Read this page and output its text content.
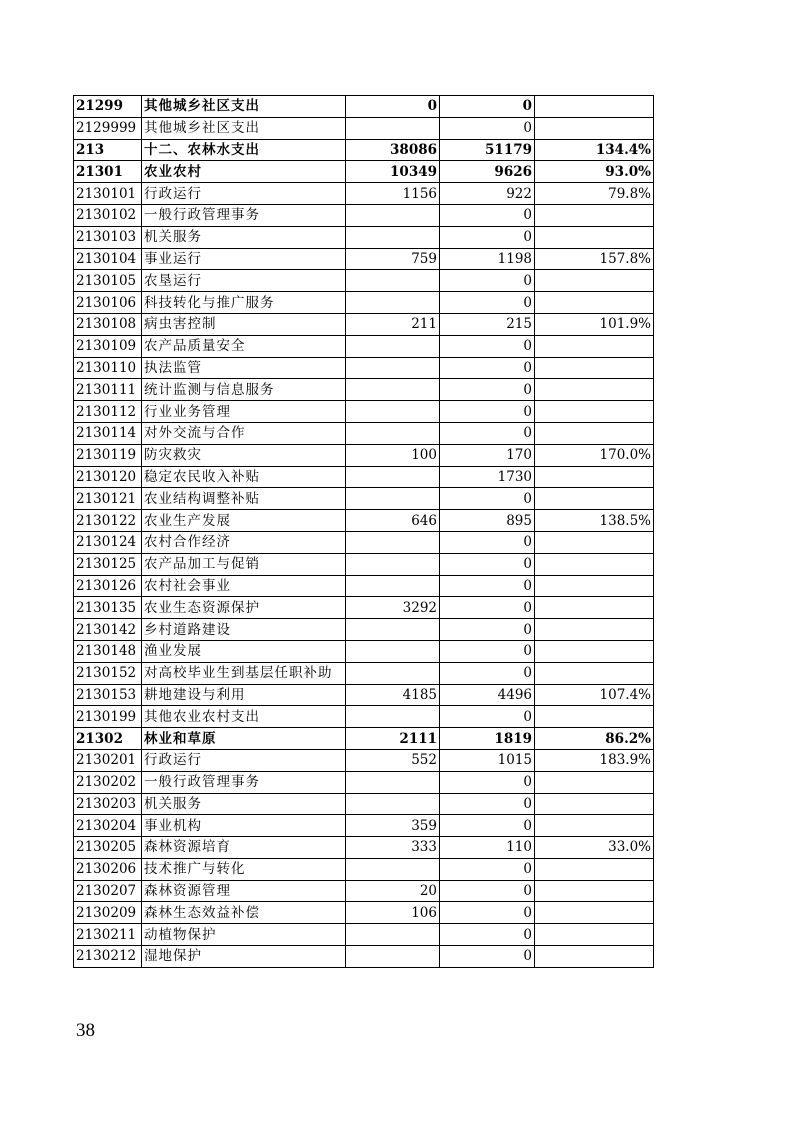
21299	其他城乡社区支出	0	0	
2129999	其他城乡社区支出		0	
213	十二、农林水支出	38086	51179	134.4%
21301	农业农村	10349	9626	93.0%
2130101	行政运行	1156	922	79.8%
2130102	一般行政管理事务		0	
2130103	机关服务		0	
2130104	事业运行	759	1198	157.8%
2130105	农垦运行		0	
2130106	科技转化与推广服务		0	
2130108	病虫害控制	211	215	101.9%
2130109	农产品质量安全		0	
2130110	执法监管		0	
2130111	统计监测与信息服务		0	
2130112	行业业务管理		0	
2130114	对外交流与合作		0	
2130119	防灾救灾	100	170	170.0%
2130120	稳定农民收入补贴		1730	
2130121	农业结构调整补贴		0	
2130122	农业生产发展	646	895	138.5%
2130124	农村合作经济		0	
2130125	农产品加工与促销		0	
2130126	农村社会事业		0	
2130135	农业生态资源保护	3292	0	
2130142	乡村道路建设		0	
2130148	渔业发展		0	
2130152	对高校毕业生到基层任职补助		0	
2130153	耕地建设与利用	4185	4496	107.4%
2130199	其他农业农村支出		0	
21302	林业和草原	2111	1819	86.2%
2130201	行政运行	552	1015	183.9%
2130202	一般行政管理事务		0	
2130203	机关服务		0	
2130204	事业机构	359	0	
2130205	森林资源培育	333	110	33.0%
2130206	技术推广与转化		0	
2130207	森林资源管理	20	0	
2130209	森林生态效益补偿	106	0	
2130211	动植物保护		0	
2130212	湿地保护		0	
38
